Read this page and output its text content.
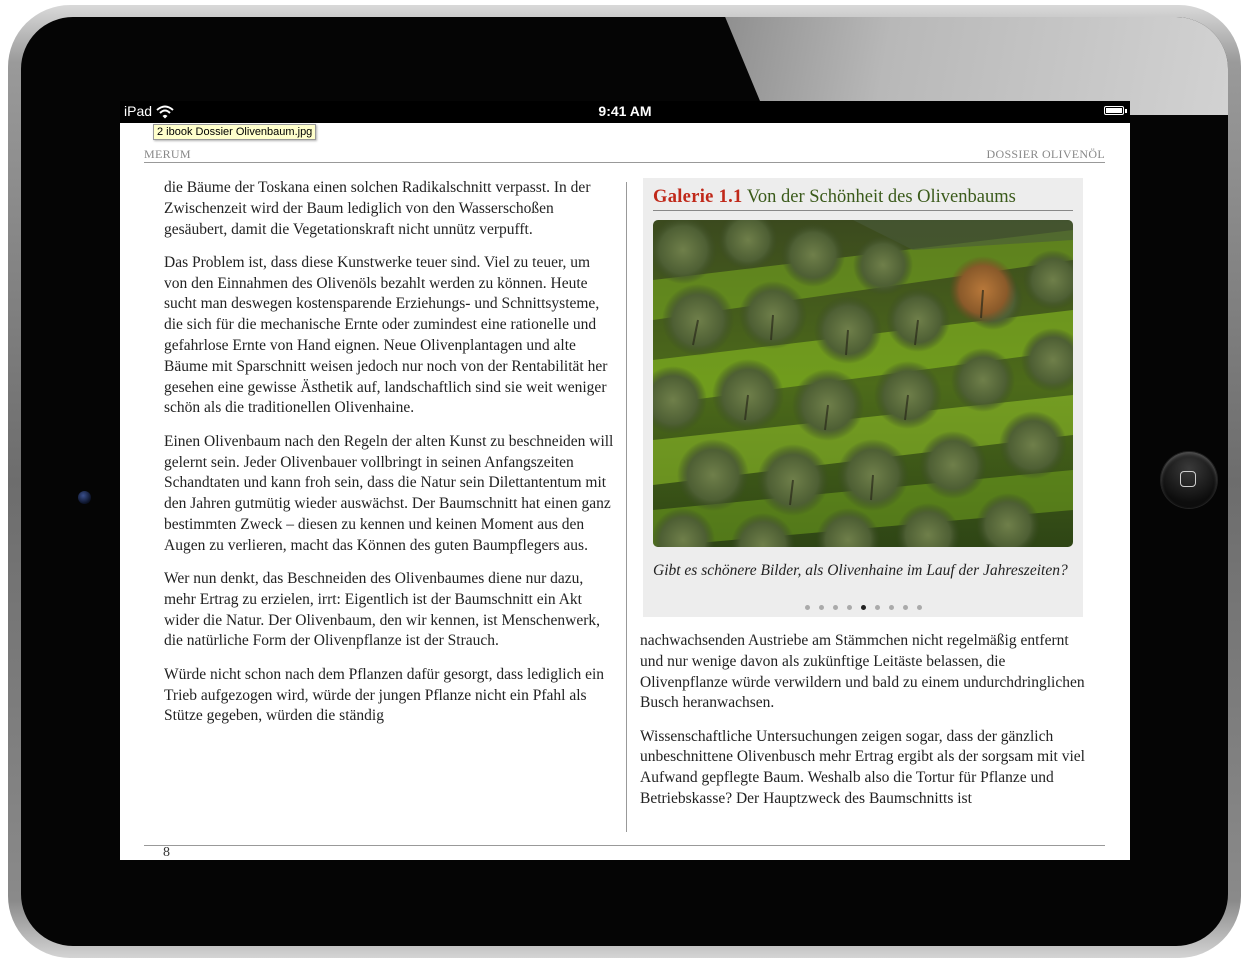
iPad	9:41 AM
2 ibook Dossier Olivenbaum.jpg
MERUM	DOSSIER OLIVENÖL

die Bäume der Toskana einen solchen Radikalschnitt verpasst. In der Zwischenzeit wird der Baum lediglich von den Wasserschoßen gesäubert, damit die Vegetationskraft nicht unnütz verpufft.

Das Problem ist, dass diese Kunstwerke teuer sind. Viel zu teuer, um von den Einnahmen des Olivenöls bezahlt werden zu können. Heute sucht man deswegen kostensparende Erziehungs- und Schnittsysteme, die sich für die mechanische Ernte oder zumindest eine rationelle und gefahrlose Ernte von Hand eignen. Neue Olivenplantagen und alte Bäume mit Sparschnitt weisen jedoch nur noch von der Rentabilität her gesehen eine gewisse Ästhetik auf, landschaftlich sind sie weit weniger schön als die traditionellen Olivenhaine.

Einen Olivenbaum nach den Regeln der alten Kunst zu beschneiden will gelernt sein. Jeder Olivenbauer vollbringt in seinen Anfangszeiten Schandtaten und kann froh sein, dass die Natur sein Dilettantentum mit den Jahren gutmütig wieder auswächst. Der Baumschnitt hat einen ganz bestimmten Zweck – diesen zu kennen und keinen Moment aus den Augen zu verlieren, macht das Können des guten Baumpflegers aus.

Wer nun denkt, das Beschneiden des Olivenbaumes diene nur dazu, mehr Ertrag zu erzielen, irrt: Eigentlich ist der Baumschnitt ein Akt wider die Natur. Der Olivenbaum, den wir kennen, ist Menschenwerk, die natürliche Form der Olivenpflanze ist der Strauch.

Würde nicht schon nach dem Pflanzen dafür gesorgt, dass lediglich ein Trieb aufgezogen wird, würde der jungen Pflanze nicht ein Pfahl als Stütze gegeben, würden die ständig

Galerie 1.1 Von der Schönheit des Olivenbaums
Gibt es schönere Bilder, als Olivenhaine im Lauf der Jahreszeiten?

nachwachsenden Austriebe am Stämmchen nicht regelmäßig entfernt und nur wenige davon als zukünftige Leitäste belassen, die Olivenpflanze würde verwildern und bald zu einem undurchdringlichen Busch heranwachsen.

Wissenschaftliche Untersuchungen zeigen sogar, dass der gänzlich unbeschnittene Olivenbusch mehr Ertrag ergibt als der sorgsam mit viel Aufwand gepflegte Baum. Weshalb also die Tortur für Pflanze und Betriebskasse? Der Hauptzweck des Baumschnitts ist

8
